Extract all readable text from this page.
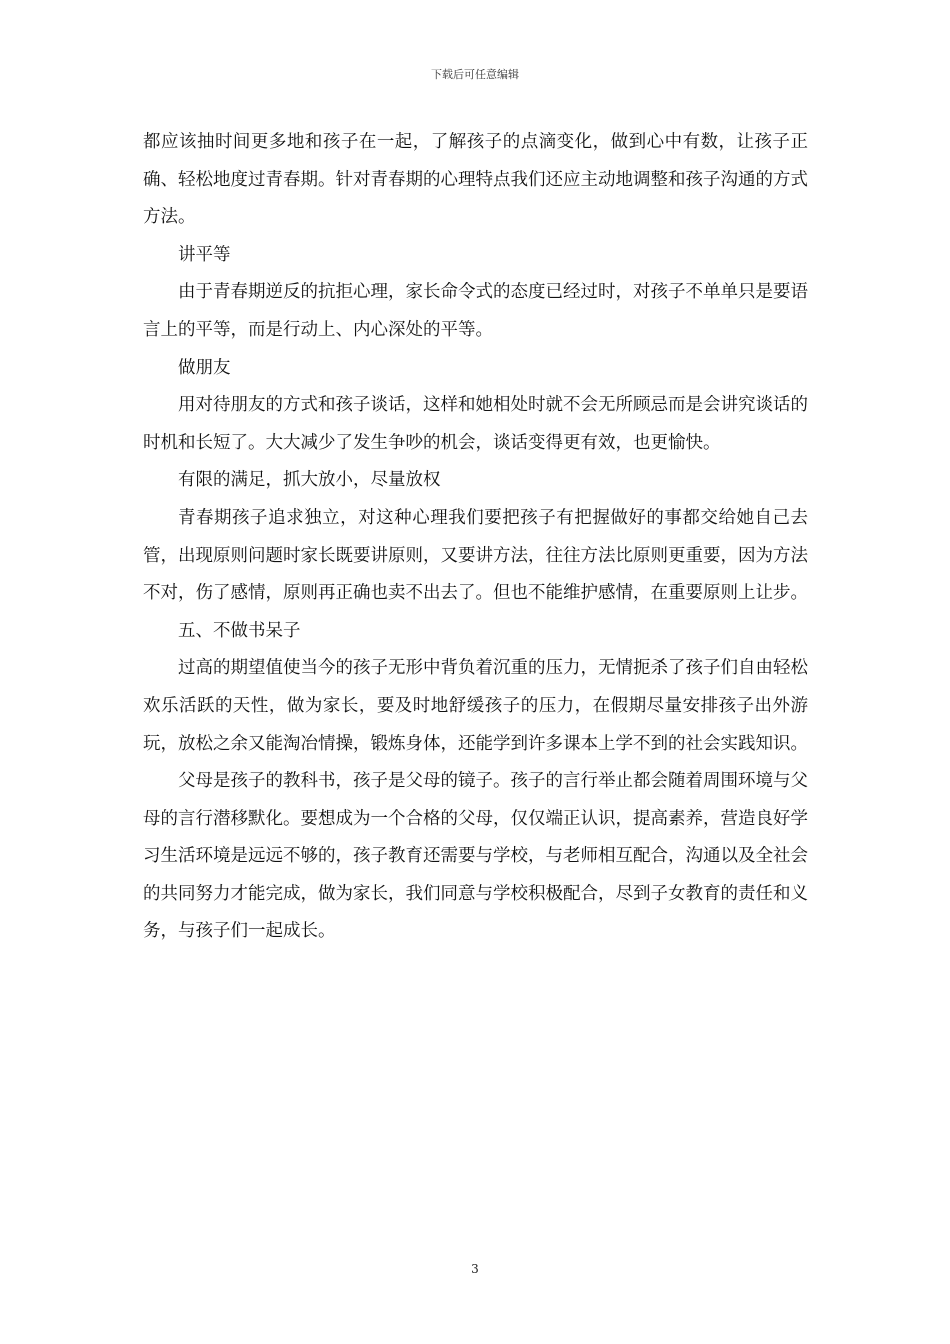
下载后可任意编辑

都应该抽时间更多地和孩子在一起，了解孩子的点滴变化，做到心中有数，让孩子正确、轻松地度过青春期。针对青春期的心理特点我们还应主动地调整和孩子沟通的方式方法。

讲平等

由于青春期逆反的抗拒心理，家长命令式的态度已经过时，对孩子不单单只是要语言上的平等，而是行动上、内心深处的平等。

做朋友

用对待朋友的方式和孩子谈话，这样和她相处时就不会无所顾忌而是会讲究谈话的时机和长短了。大大减少了发生争吵的机会，谈话变得更有效，也更愉快。

有限的满足，抓大放小，尽量放权

青春期孩子追求独立，对这种心理我们要把孩子有把握做好的事都交给她自己去管，出现原则问题时家长既要讲原则，又要讲方法，往往方法比原则更重要，因为方法不对，伤了感情，原则再正确也卖不出去了。但也不能维护感情，在重要原则上让步。

五、不做书呆子

过高的期望值使当今的孩子无形中背负着沉重的压力，无情扼杀了孩子们自由轻松欢乐活跃的天性，做为家长，要及时地舒缓孩子的压力，在假期尽量安排孩子出外游玩，放松之余又能淘冶情操，锻炼身体，还能学到许多课本上学不到的社会实践知识。

父母是孩子的教科书，孩子是父母的镜子。孩子的言行举止都会随着周围环境与父母的言行潜移默化。要想成为一个合格的父母，仅仅端正认识，提高素养，营造良好学习生活环境是远远不够的，孩子教育还需要与学校，与老师相互配合，沟通以及全社会的共同努力才能完成，做为家长，我们同意与学校积极配合，尽到子女教育的责任和义务，与孩子们一起成长。

3
